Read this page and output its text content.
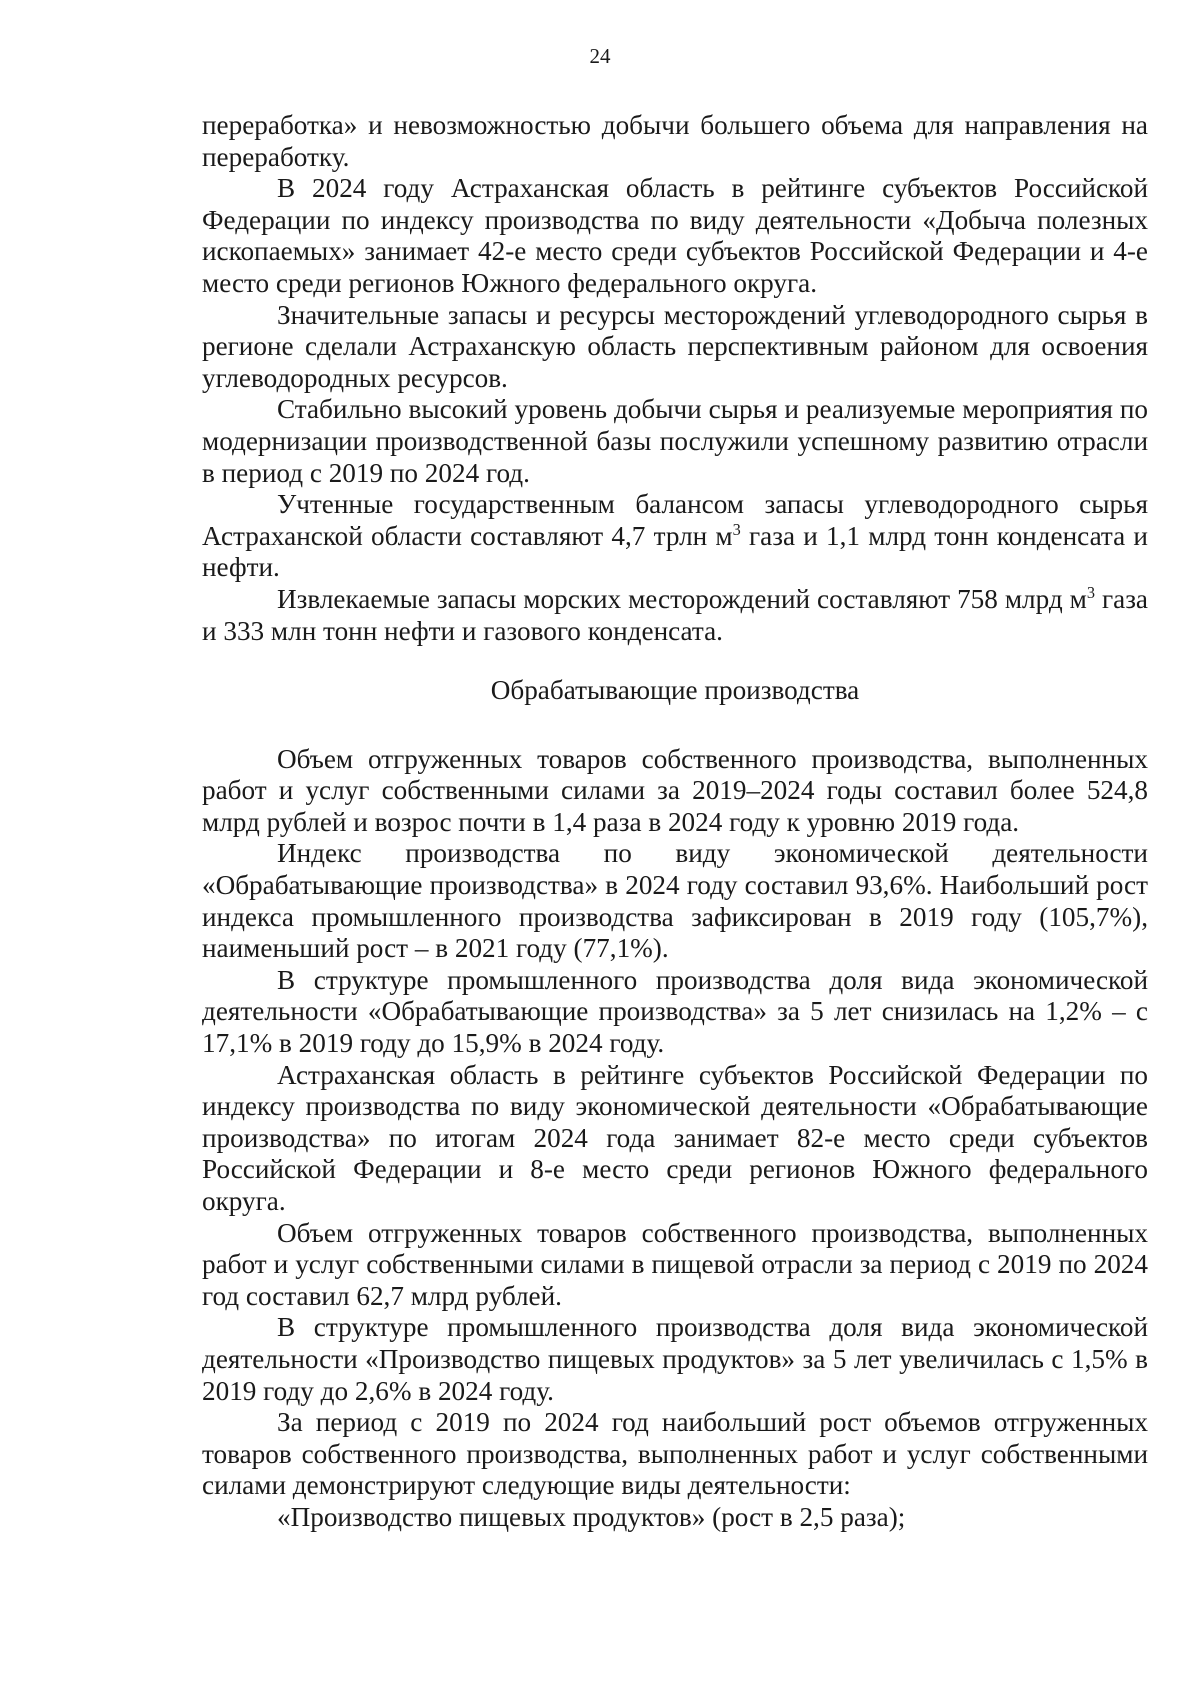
24

переработка» и невозможностью добычи большего объема для направления на переработку.

В 2024 году Астраханская область в рейтинге субъектов Российской Федерации по индексу производства по виду деятельности «Добыча полезных ископаемых» занимает 42-е место среди субъектов Российской Федерации и 4-е место среди регионов Южного федерального округа.

Значительные запасы и ресурсы месторождений углеводородного сырья в регионе сделали Астраханскую область перспективным районом для освоения углеводородных ресурсов.

Стабильно высокий уровень добычи сырья и реализуемые мероприятия по модернизации производственной базы послужили успешному развитию отрасли в период с 2019 по 2024 год.

Учтенные государственным балансом запасы углеводородного сырья Астраханской области составляют 4,7 трлн $м^3$ газа и 1,1 млрд тонн конденсата и нефти.

Извлекаемые запасы морских месторождений составляют 758 млрд $м^3$ газа и 333 млн тонн нефти и газового конденсата.

Обрабатывающие производства

Объем отгруженных товаров собственного производства, выполненных работ и услуг собственными силами за 2019–2024 годы составил более 524,8 млрд рублей и возрос почти в 1,4 раза в 2024 году к уровню 2019 года.

Индекс производства по виду экономической деятельности «Обрабатывающие производства» в 2024 году составил 93,6%. Наибольший рост индекса промышленного производства зафиксирован в 2019 году (105,7%), наименьший рост – в 2021 году (77,1%).

В структуре промышленного производства доля вида экономической деятельности «Обрабатывающие производства» за 5 лет снизилась на 1,2% – с 17,1% в 2019 году до 15,9% в 2024 году.

Астраханская область в рейтинге субъектов Российской Федерации по индексу производства по виду экономической деятельности «Обрабатывающие производства» по итогам 2024 года занимает 82-е место среди субъектов Российской Федерации и 8-е место среди регионов Южного федерального округа.

Объем отгруженных товаров собственного производства, выполненных работ и услуг собственными силами в пищевой отрасли за период с 2019 по 2024 год составил 62,7 млрд рублей.

В структуре промышленного производства доля вида экономической деятельности «Производство пищевых продуктов» за 5 лет увеличилась с 1,5% в 2019 году до 2,6% в 2024 году.

За период с 2019 по 2024 год наибольший рост объемов отгруженных товаров собственного производства, выполненных работ и услуг собственными силами демонстрируют следующие виды деятельности:

«Производство пищевых продуктов» (рост в 2,5 раза);
